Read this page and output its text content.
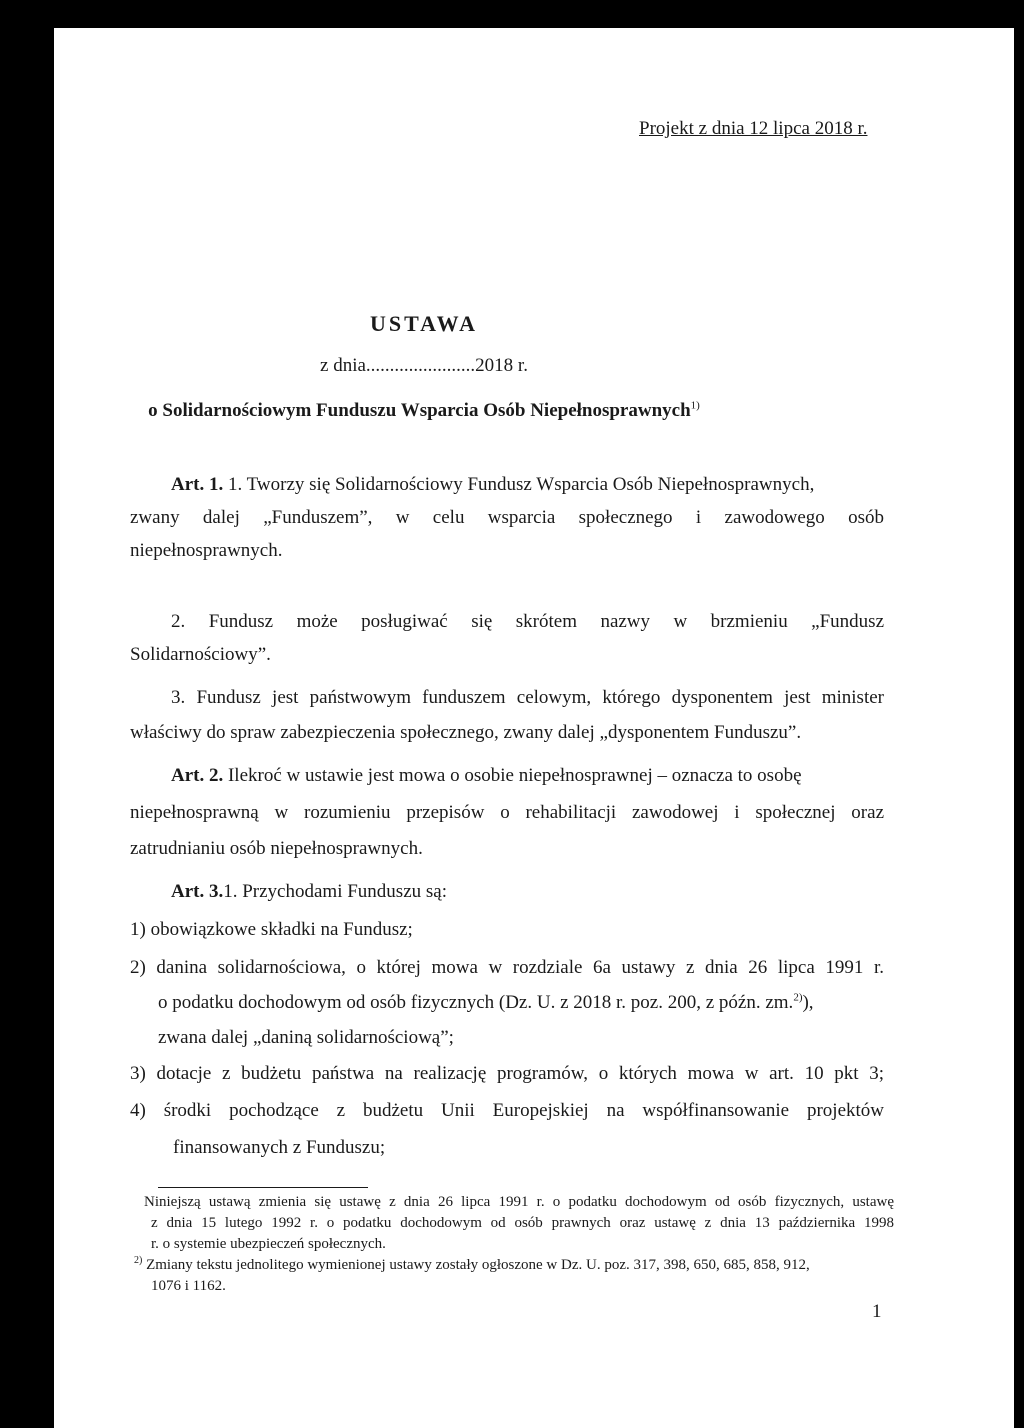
Projekt z dnia 12 lipca 2018 r.
USTAWA
z dnia.......................2018 r.
o Solidarnościowym Funduszu Wsparcia Osób Niepełnosprawnych$^{1)}$
Art. 1. 1. Tworzy się Solidarnościowy Fundusz Wsparcia Osób Niepełnosprawnych,
zwany dalej „Funduszem”, w celu wsparcia społecznego i zawodowego osób
niepełnosprawnych.
2. Fundusz może posługiwać się skrótem nazwy w brzmieniu „Fundusz
Solidarnościowy”.
3. Fundusz jest państwowym funduszem celowym, którego dysponentem jest minister
właściwy do spraw zabezpieczenia społecznego, zwany dalej „dysponentem Funduszu”.
Art. 2. Ilekroć w ustawie jest mowa o osobie niepełnosprawnej – oznacza to osobę
niepełnosprawną w rozumieniu przepisów o rehabilitacji zawodowej i społecznej oraz
zatrudnianiu osób niepełnosprawnych.
Art. 3.1. Przychodami Funduszu są:
1) obowiązkowe składki na Fundusz;
2) danina solidarnościowa, o której mowa w rozdziale 6a ustawy z dnia 26 lipca 1991 r.
o podatku dochodowym od osób fizycznych (Dz. U. z 2018 r. poz. 200, z późn. zm.$^{2)}$),
zwana dalej „daniną solidarnościową”;
3) dotacje z budżetu państwa na realizację programów, o których mowa w art. 10 pkt 3;
4) środki pochodzące z budżetu Unii Europejskiej na współfinansowanie projektów
finansowanych z Funduszu;
Niniejszą ustawą zmienia się ustawę z dnia 26 lipca 1991 r. o podatku dochodowym od osób fizycznych, ustawę
z dnia 15 lutego 1992 r. o podatku dochodowym od osób prawnych oraz ustawę z dnia 13 października 1998
r. o systemie ubezpieczeń społecznych.
$^{2)}$ Zmiany tekstu jednolitego wymienionej ustawy zostały ogłoszone w Dz. U. poz. 317, 398, 650, 685, 858, 912,
1076 i 1162.
1
